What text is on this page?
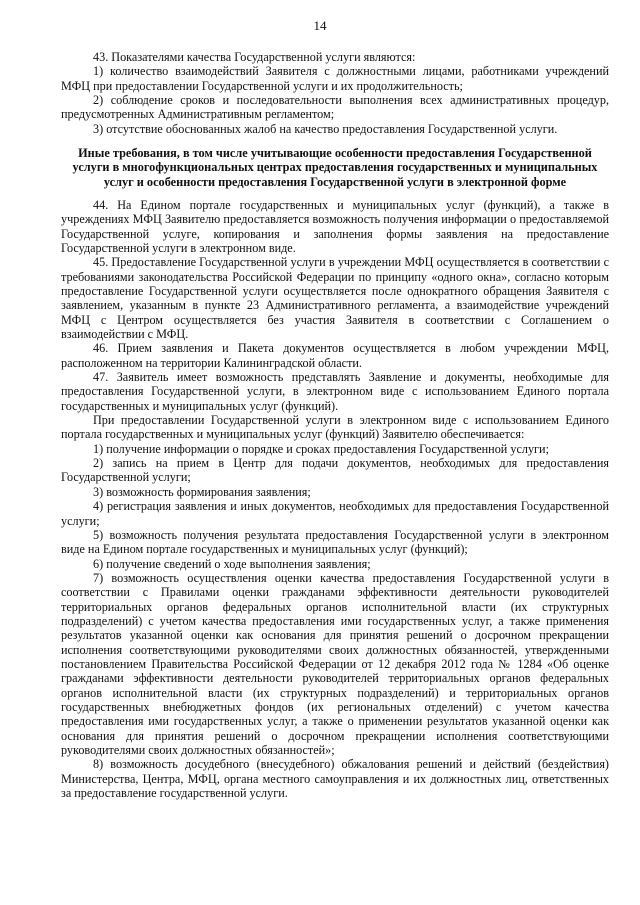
14

43. Показателями качества Государственной услуги являются:

1) количество взаимодействий Заявителя с должностными лицами, работниками учреждений МФЦ при предоставлении Государственной услуги и их продолжительность;

2) соблюдение сроков и последовательности выполнения всех административных процедур, предусмотренных Административным регламентом;

3) отсутствие обоснованных жалоб на качество предоставления Государственной услуги.

Иные требования, в том числе учитывающие особенности предоставления Государственной услуги в многофункциональных центрах предоставления государственных и муниципальных услуг и особенности предоставления Государственной услуги в электронной форме

44. На Едином портале государственных и муниципальных услуг (функций), а также в учреждениях МФЦ Заявителю предоставляется возможность получения информации о предоставляемой Государственной услуге, копирования и заполнения формы заявления на предоставление Государственной услуги в электронном виде.

45. Предоставление Государственной услуги в учреждении МФЦ осуществляется в соответствии с требованиями законодательства Российской Федерации по принципу «одного окна», согласно которым предоставление Государственной услуги осуществляется после однократного обращения Заявителя с заявлением, указанным в пункте 23 Административного регламента, а взаимодействие учреждений МФЦ с Центром осуществляется без участия Заявителя в соответствии с Соглашением о взаимодействии с МФЦ.

46. Прием заявления и Пакета документов осуществляется в любом учреждении МФЦ, расположенном на территории Калининградской области.

47. Заявитель имеет возможность представлять Заявление и документы, необходимые для предоставления Государственной услуги, в электронном виде с использованием Единого портала государственных и муниципальных услуг (функций).

При предоставлении Государственной услуги в электронном виде с использованием Единого портала государственных и муниципальных услуг (функций) Заявителю обеспечивается:

1) получение информации о порядке и сроках предоставления Государственной услуги;

2) запись на прием в Центр для подачи документов, необходимых для предоставления Государственной услуги;

3) возможность формирования заявления;

4) регистрация заявления и иных документов, необходимых для предоставления Государственной услуги;

5) возможность получения результата предоставления Государственной услуги в электронном виде на Едином портале государственных и муниципальных услуг (функций);

6) получение сведений о ходе выполнения заявления;

7) возможность осуществления оценки качества предоставления Государственной услуги в соответствии с Правилами оценки гражданами эффективности деятельности руководителей территориальных органов федеральных органов исполнительной власти (их структурных подразделений) с учетом качества предоставления ими государственных услуг, а также применения результатов указанной оценки как основания для принятия решений о досрочном прекращении исполнения соответствующими руководителями своих должностных обязанностей, утвержденными постановлением Правительства Российской Федерации от 12 декабря 2012 года № 1284 «Об оценке гражданами эффективности деятельности руководителей территориальных органов федеральных органов исполнительной власти (их структурных подразделений) и территориальных органов государственных внебюджетных фондов (их региональных отделений) с учетом качества предоставления ими государственных услуг, а также о применении результатов указанной оценки как основания для принятия решений о досрочном прекращении исполнения соответствующими руководителями своих должностных обязанностей»;

8) возможность досудебного (внесудебного) обжалования решений и действий (бездействия) Министерства, Центра, МФЦ, органа местного самоуправления и их должностных лиц, ответственных за предоставление государственной услуги.
